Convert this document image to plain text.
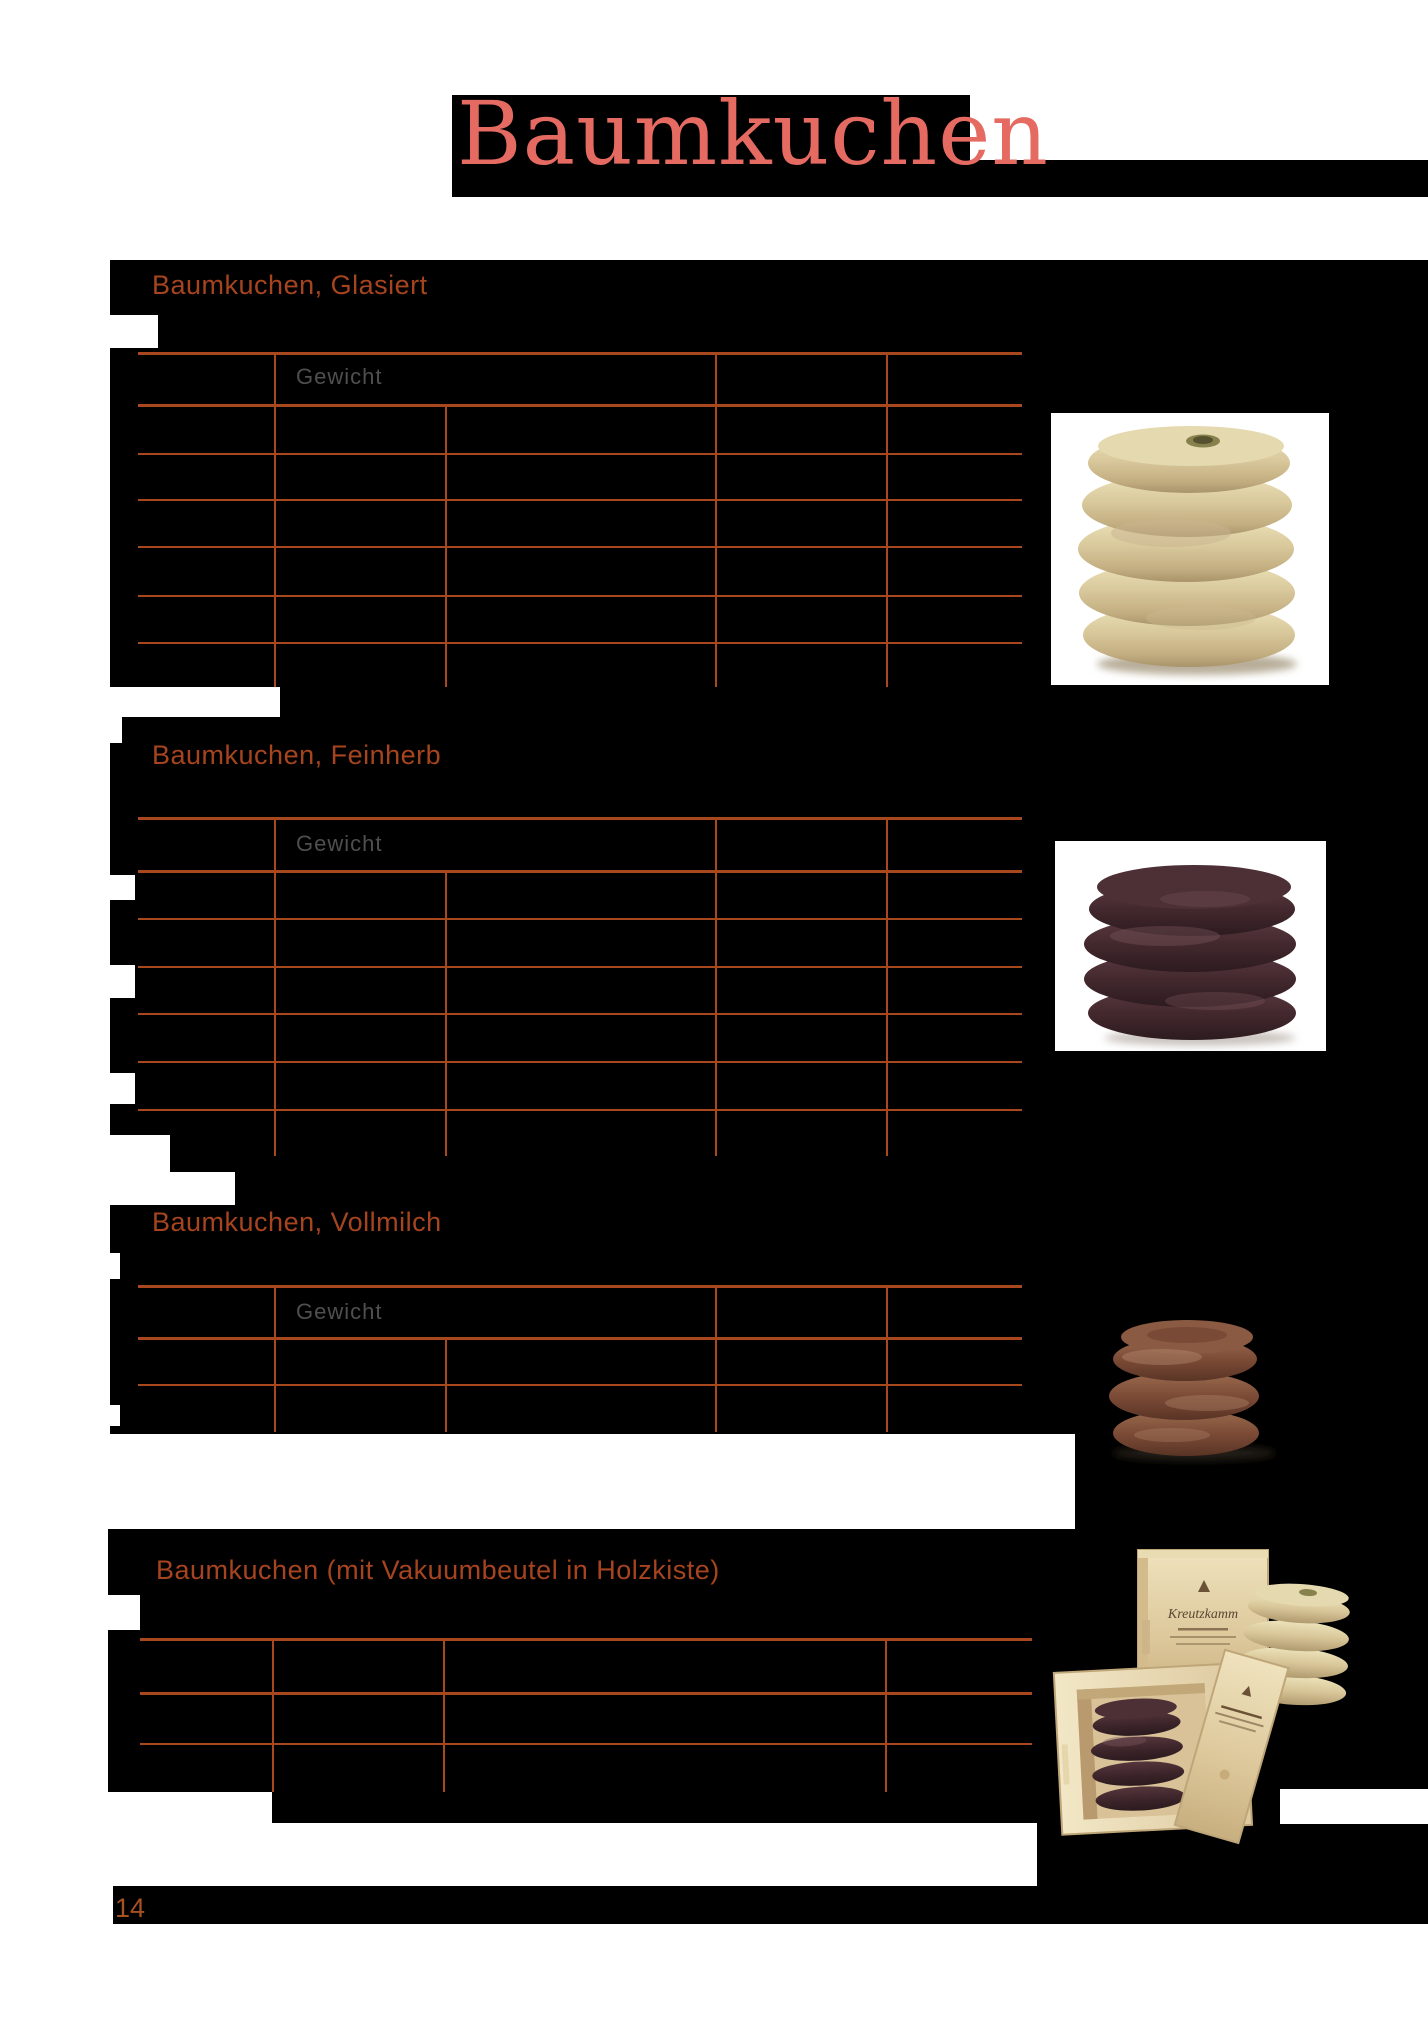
Baumkuchen
Baumkuchen, Glasiert
Gewicht
Baumkuchen, Feinherb
Gewicht
Baumkuchen, Vollmilch
Gewicht
Baumkuchen (mit Vakuumbeutel in Holzkiste)
Kreutzkamm
14
